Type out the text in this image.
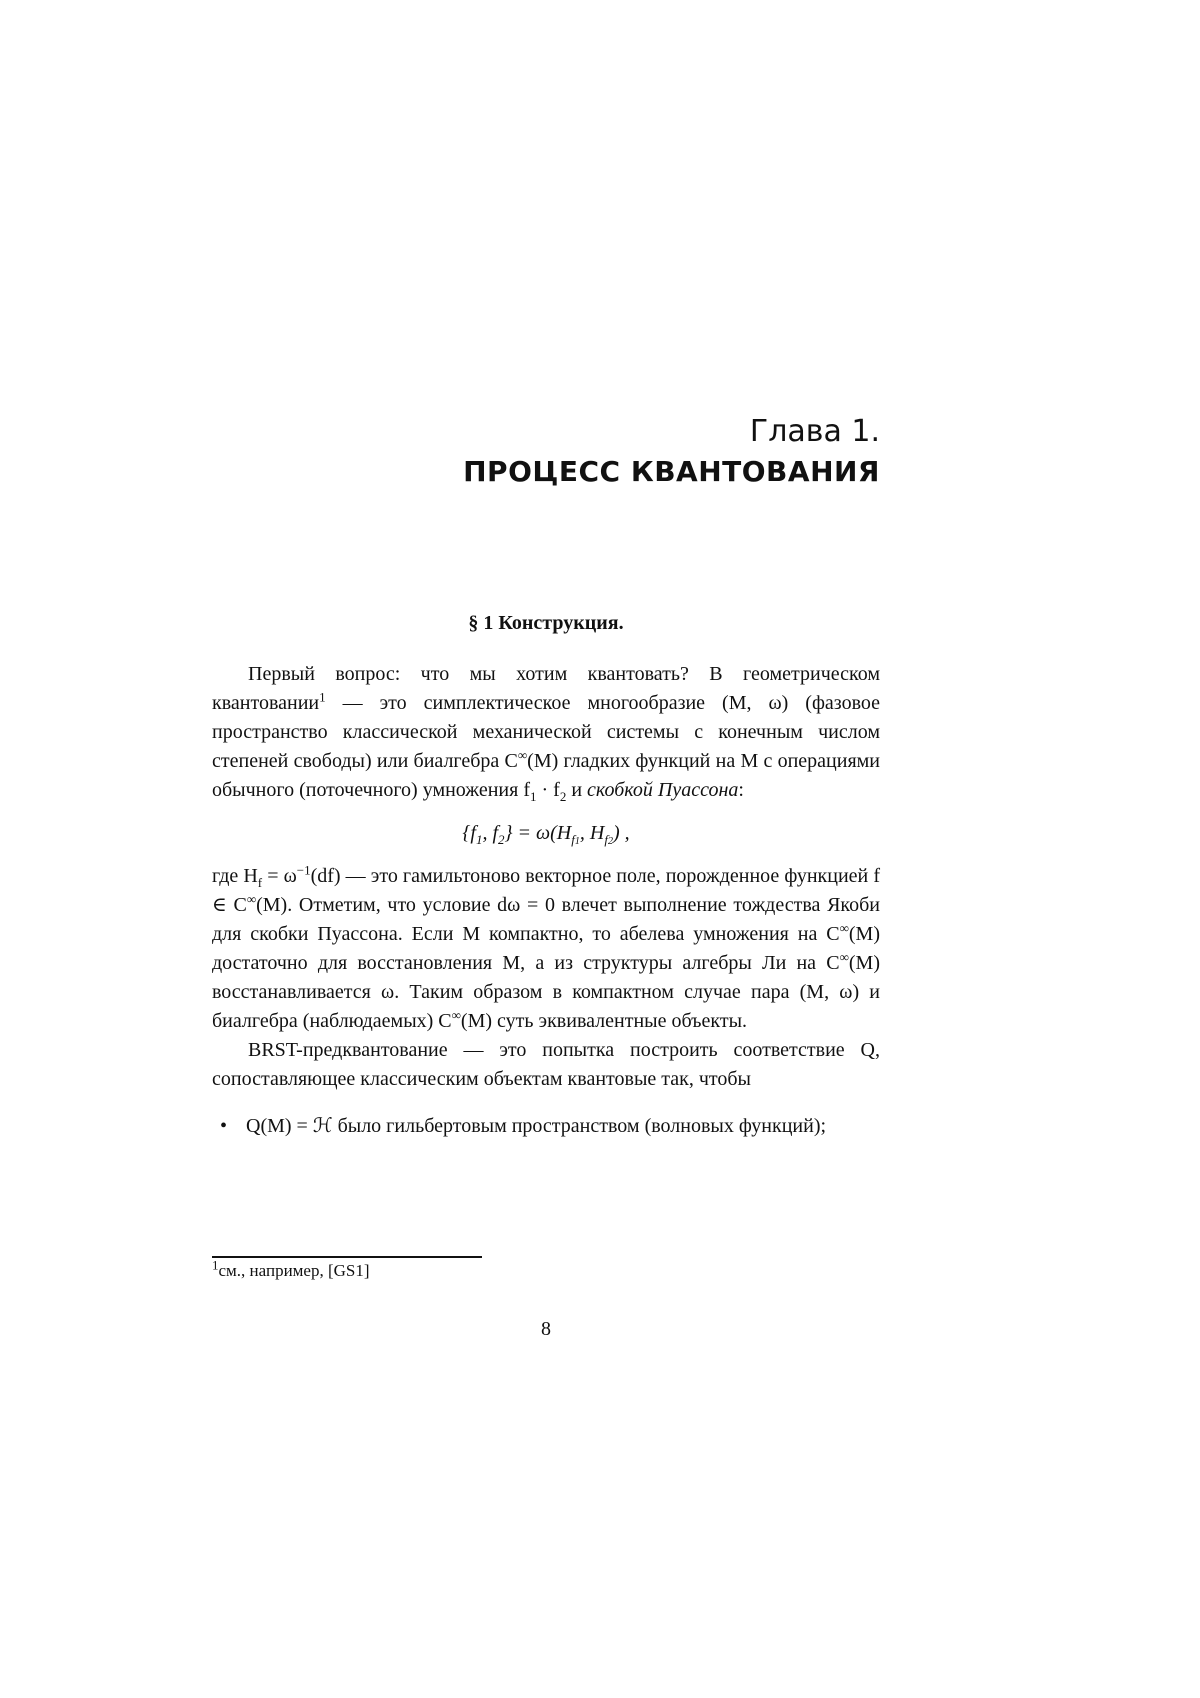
Глава 1.
ПРОЦЕСС КВАНТОВАНИЯ
§ 1 Конструкция.

Первый вопрос: что мы хотим квантовать? В геометрическом квантовании$^1$ — это симплектическое многообразие (M, ω) (фазовое пространство классической механической системы с конечным числом степеней свободы) или биалгебра C∞(M) гладких функций на M с операциями обычного (поточечного) умножения $f_1 \cdot f_2$ и скобкой Пуассона:

{$f_1$, $f_2\} = \omega(H_{f1}$, $H_{f2}$) ,

где $H_f = \omega^{-1}(df)$ — это гамильтоново векторное поле, порожденное функцией f ∈ C∞(M). Отметим, что условие dω = 0 влечет выполнение тождества Якоби для скобки Пуассона. Если M компактно, то абелева умножения на C∞(M) достаточно для восстановления M, а из структуры алгебры Ли на C∞(M) восстанавливается ω. Таким образом в компактном случае пара (M, ω) и биалгебра (наблюдаемых) C∞(M) суть эквивалентные объекты.

BRST-предквантование — это попытка построить соответствие Q, сопоставляющее классическим объектам квантовые так, чтобы

• Q(M) = ℋ было гильбертовым пространством (волновых функций);
$^1$см., например, [GS1]
8
